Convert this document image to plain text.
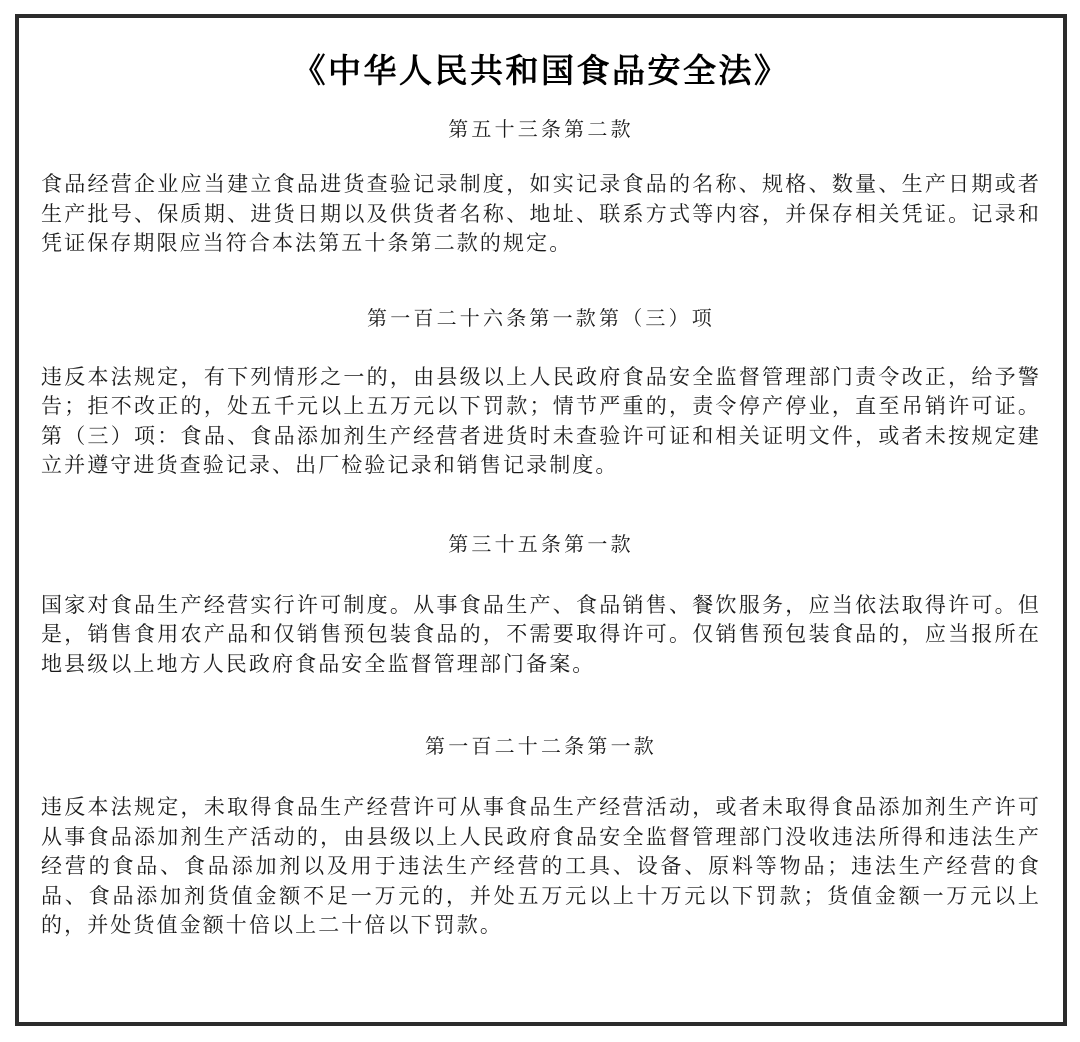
《中华人民共和国食品安全法》
第五十三条第二款

食品经营企业应当建立食品进货查验记录制度，如实记录食品的名称、规格、数量、生产日期或者生产批号、保质期、进货日期以及供货者名称、地址、联系方式等内容，并保存相关凭证。记录和凭证保存期限应当符合本法第五十条第二款的规定。

第一百二十六条第一款第（三）项

违反本法规定，有下列情形之一的，由县级以上人民政府食品安全监督管理部门责令改正，给予警告；拒不改正的，处五千元以上五万元以下罚款；情节严重的，责令停产停业，直至吊销许可证。第（三）项：食品、食品添加剂生产经营者进货时未查验许可证和相关证明文件，或者未按规定建立并遵守进货查验记录、出厂检验记录和销售记录制度。

第三十五条第一款

国家对食品生产经营实行许可制度。从事食品生产、食品销售、餐饮服务，应当依法取得许可。但是，销售食用农产品和仅销售预包装食品的，不需要取得许可。仅销售预包装食品的，应当报所在地县级以上地方人民政府食品安全监督管理部门备案。

第一百二十二条第一款

违反本法规定，未取得食品生产经营许可从事食品生产经营活动，或者未取得食品添加剂生产许可从事食品添加剂生产活动的，由县级以上人民政府食品安全监督管理部门没收违法所得和违法生产经营的食品、食品添加剂以及用于违法生产经营的工具、设备、原料等物品；违法生产经营的食品、食品添加剂货值金额不足一万元的，并处五万元以上十万元以下罚款；货值金额一万元以上的，并处货值金额十倍以上二十倍以下罚款。
